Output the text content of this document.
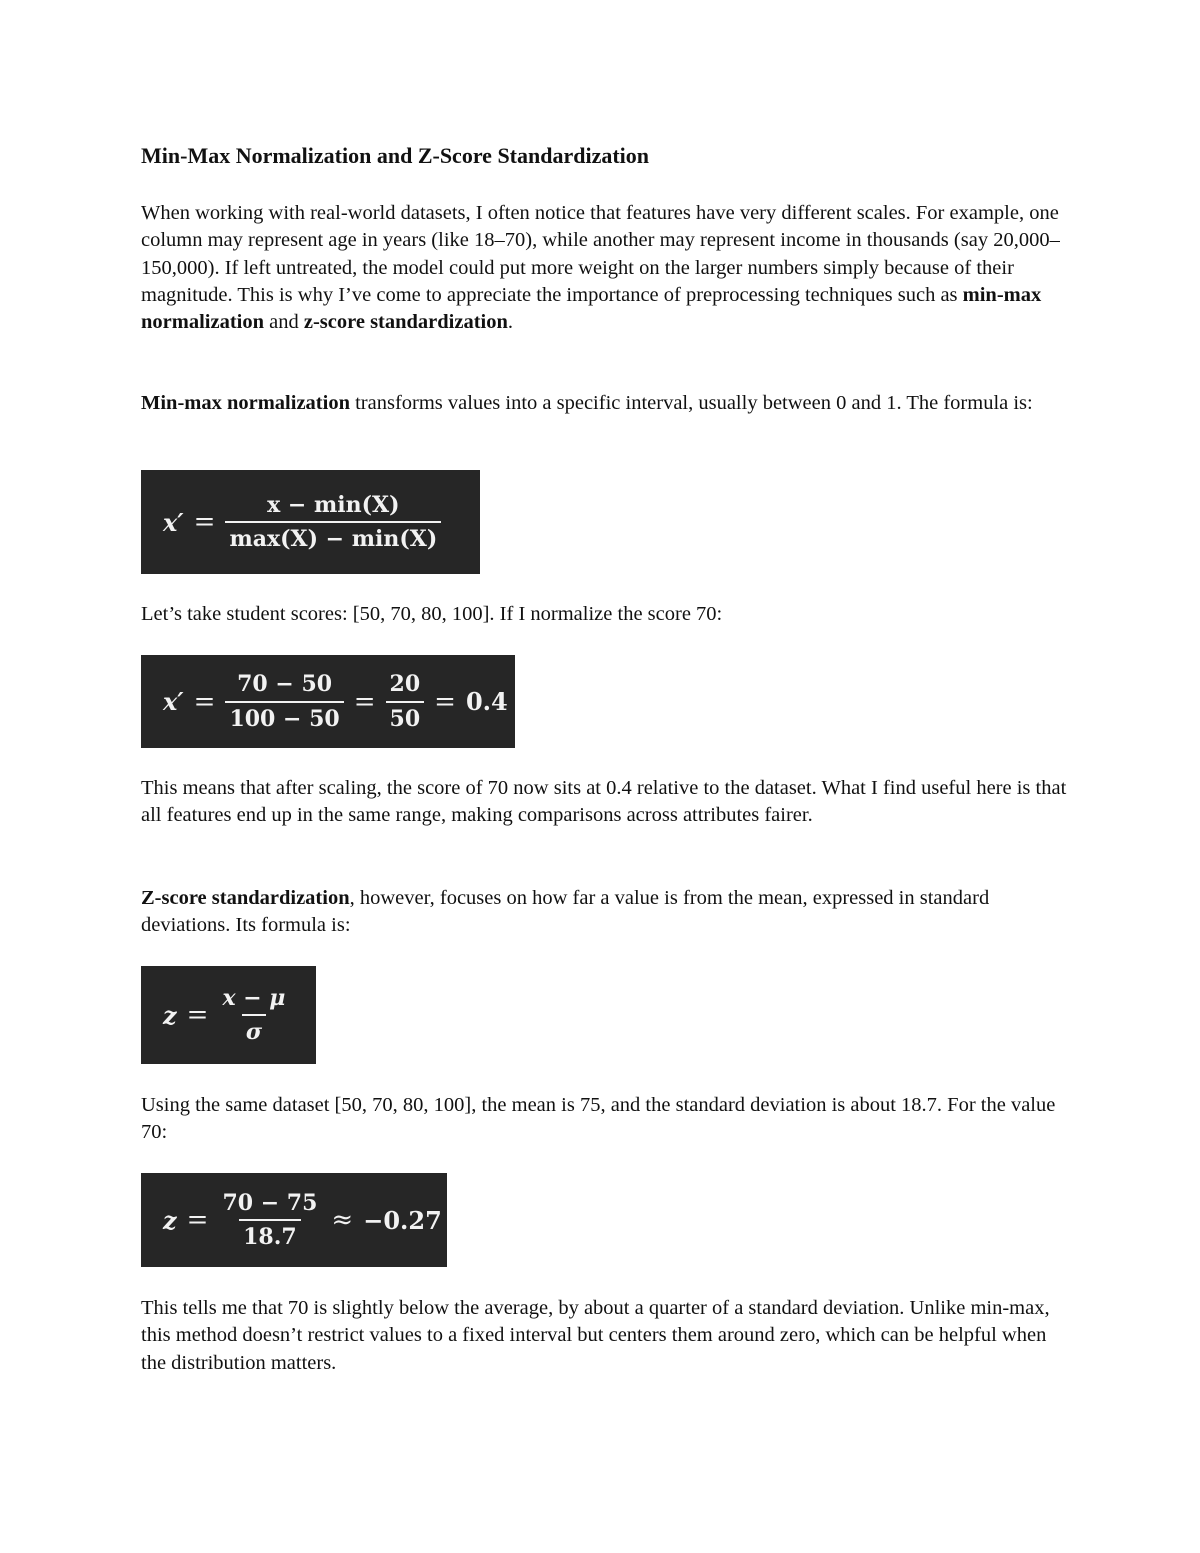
Min-Max Normalization and Z-Score Standardization

When working with real-world datasets, I often notice that features have very different scales. For example, one column may represent age in years (like 18–70), while another may represent income in thousands (say 20,000–150,000). If left untreated, the model could put more weight on the larger numbers simply because of their magnitude. This is why I’ve come to appreciate the importance of preprocessing techniques such as min-max normalization and z-score standardization.

Min-max normalization transforms values into a specific interval, usually between 0 and 1. The formula is:

$x' = \frac{x - \min(X)}{\max(X) - \min(X)}$

Let’s take student scores: [50, 70, 80, 100]. If I normalize the score 70:

$x' = \frac{70 - 50}{100 - 50} = \frac{20}{50} = 0.4$

This means that after scaling, the score of 70 now sits at 0.4 relative to the dataset. What I find useful here is that all features end up in the same range, making comparisons across attributes fairer.

Z-score standardization, however, focuses on how far a value is from the mean, expressed in standard deviations. Its formula is:

$z = \frac{x - \mu}{\sigma}$

Using the same dataset [50, 70, 80, 100], the mean is 75, and the standard deviation is about 18.7. For the value 70:

$z = \frac{70 - 75}{18.7} \approx -0.27$

This tells me that 70 is slightly below the average, by about a quarter of a standard deviation. Unlike min-max, this method doesn’t restrict values to a fixed interval but centers them around zero, which can be helpful when the distribution matters.
